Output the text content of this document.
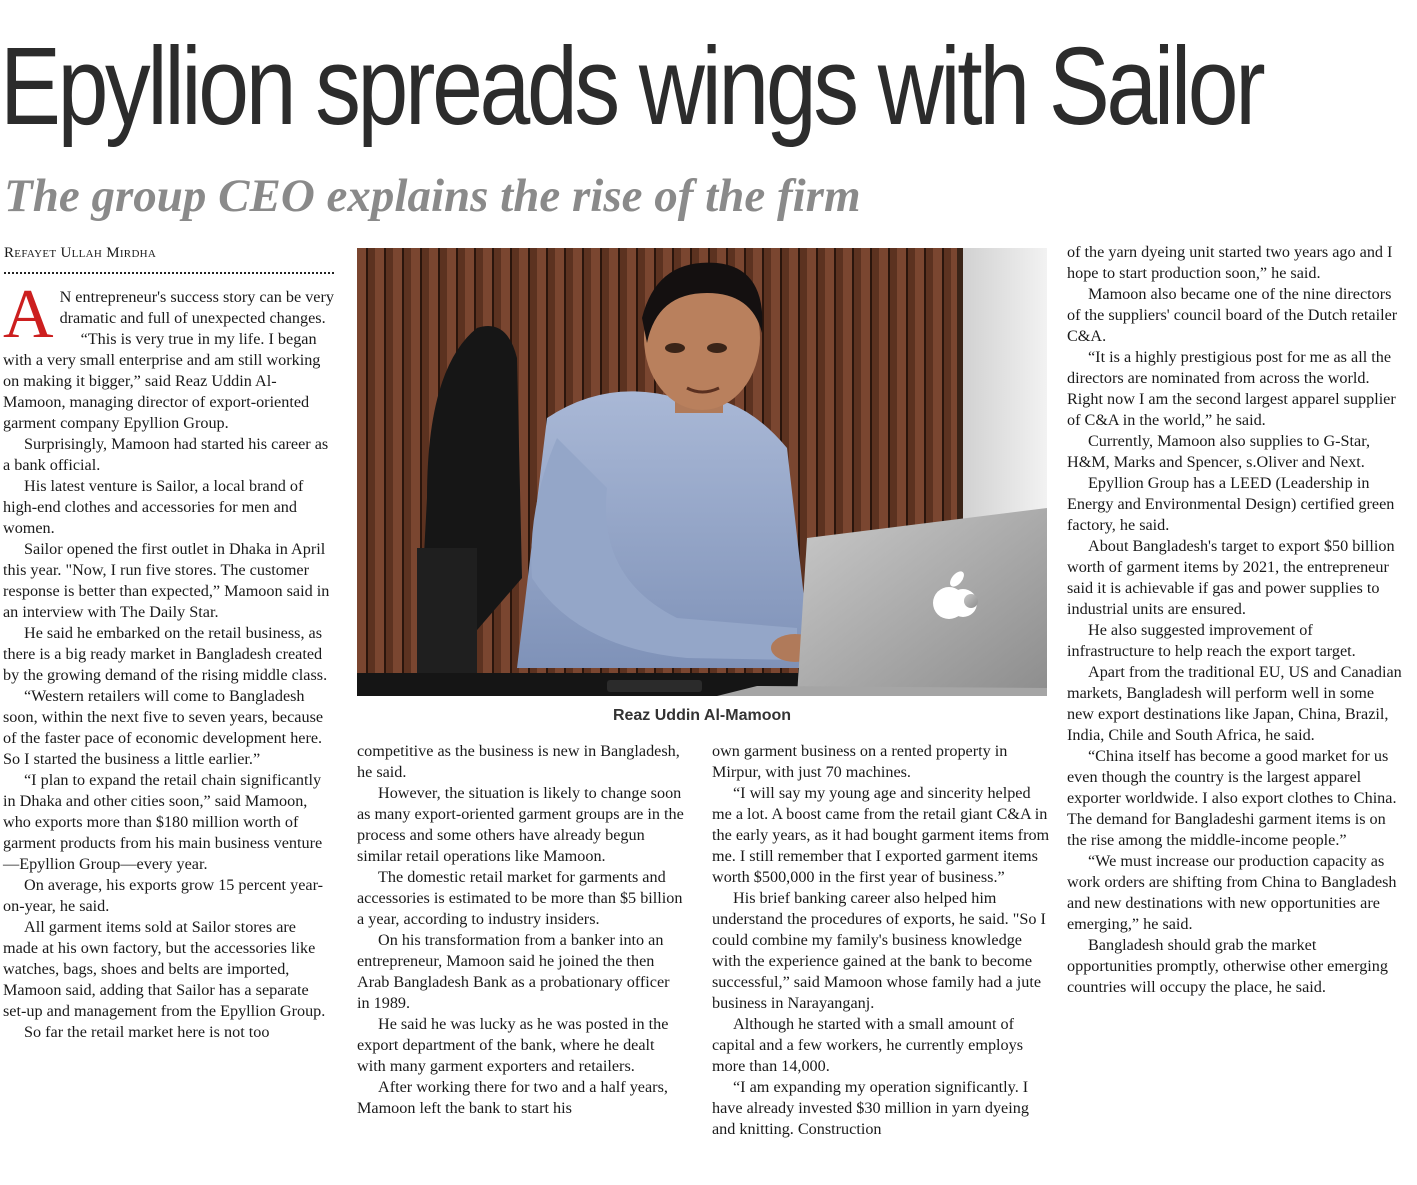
Epyllion spreads wings with Sailor
The group CEO explains the rise of the firm
Refayet Ullah Mirdha

A N entrepreneur's success story can be very dramatic and full of unexpected changes.

“This is very true in my life. I began with a very small enterprise and am still working on making it bigger,” said Reaz Uddin Al-Mamoon, managing director of export-oriented garment company Epyllion Group.

Surprisingly, Mamoon had started his career as a bank official.

His latest venture is Sailor, a local brand of high-end clothes and accessories for men and women.

Sailor opened the first outlet in Dhaka in April this year. "Now, I run five stores. The customer response is better than expected,” Mamoon said in an interview with The Daily Star.

He said he embarked on the retail business, as there is a big ready market in Bangladesh created by the growing demand of the rising middle class.

“Western retailers will come to Bangladesh soon, within the next five to seven years, because of the faster pace of economic development here. So I started the business a little earlier.”

“I plan to expand the retail chain significantly in Dhaka and other cities soon,” said Mamoon, who exports more than $180 million worth of garment products from his main business venture—Epyllion Group—every year.

On average, his exports grow 15 percent year-on-year, he said.

All garment items sold at Sailor stores are made at his own factory, but the accessories like watches, bags, shoes and belts are imported, Mamoon said, adding that Sailor has a separate set-up and management from the Epyllion Group.

So far the retail market here is not too

Reaz Uddin Al-Mamoon

competitive as the business is new in Bangladesh, he said.

However, the situation is likely to change soon as many export-oriented garment groups are in the process and some others have already begun similar retail operations like Mamoon.

The domestic retail market for garments and accessories is estimated to be more than $5 billion a year, according to industry insiders.

On his transformation from a banker into an entrepreneur, Mamoon said he joined the then Arab Bangladesh Bank as a probationary officer in 1989.

He said he was lucky as he was posted in the export department of the bank, where he dealt with many garment exporters and retailers.

After working there for two and a half years, Mamoon left the bank to start his

own garment business on a rented property in Mirpur, with just 70 machines.

“I will say my young age and sincerity helped me a lot. A boost came from the retail giant C&A in the early years, as it had bought garment items from me. I still remember that I exported garment items worth $500,000 in the first year of business.”

His brief banking career also helped him understand the procedures of exports, he said. "So I could combine my family's business knowledge with the experience gained at the bank to become successful,” said Mamoon whose family had a jute business in Narayanganj.

Although he started with a small amount of capital and a few workers, he currently employs more than 14,000.

“I am expanding my operation significantly. I have already invested $30 million in yarn dyeing and knitting. Construction

of the yarn dyeing unit started two years ago and I hope to start production soon,” he said.

Mamoon also became one of the nine directors of the suppliers' council board of the Dutch retailer C&A.

“It is a highly prestigious post for me as all the directors are nominated from across the world. Right now I am the second largest apparel supplier of C&A in the world,” he said.

Currently, Mamoon also supplies to G-Star, H&M, Marks and Spencer, s.Oliver and Next.

Epyllion Group has a LEED (Leadership in Energy and Environmental Design) certified green factory, he said.

About Bangladesh's target to export $50 billion worth of garment items by 2021, the entrepreneur said it is achievable if gas and power supplies to industrial units are ensured.

He also suggested improvement of infrastructure to help reach the export target.

Apart from the traditional EU, US and Canadian markets, Bangladesh will perform well in some new export destinations like Japan, China, Brazil, India, Chile and South Africa, he said.

“China itself has become a good market for us even though the country is the largest apparel exporter worldwide. I also export clothes to China. The demand for Bangladeshi garment items is on the rise among the middle-income people.”

“We must increase our production capacity as work orders are shifting from China to Bangladesh and new destinations with new opportunities are emerging,” he said.

Bangladesh should grab the market opportunities promptly, otherwise other emerging countries will occupy the place, he said.
